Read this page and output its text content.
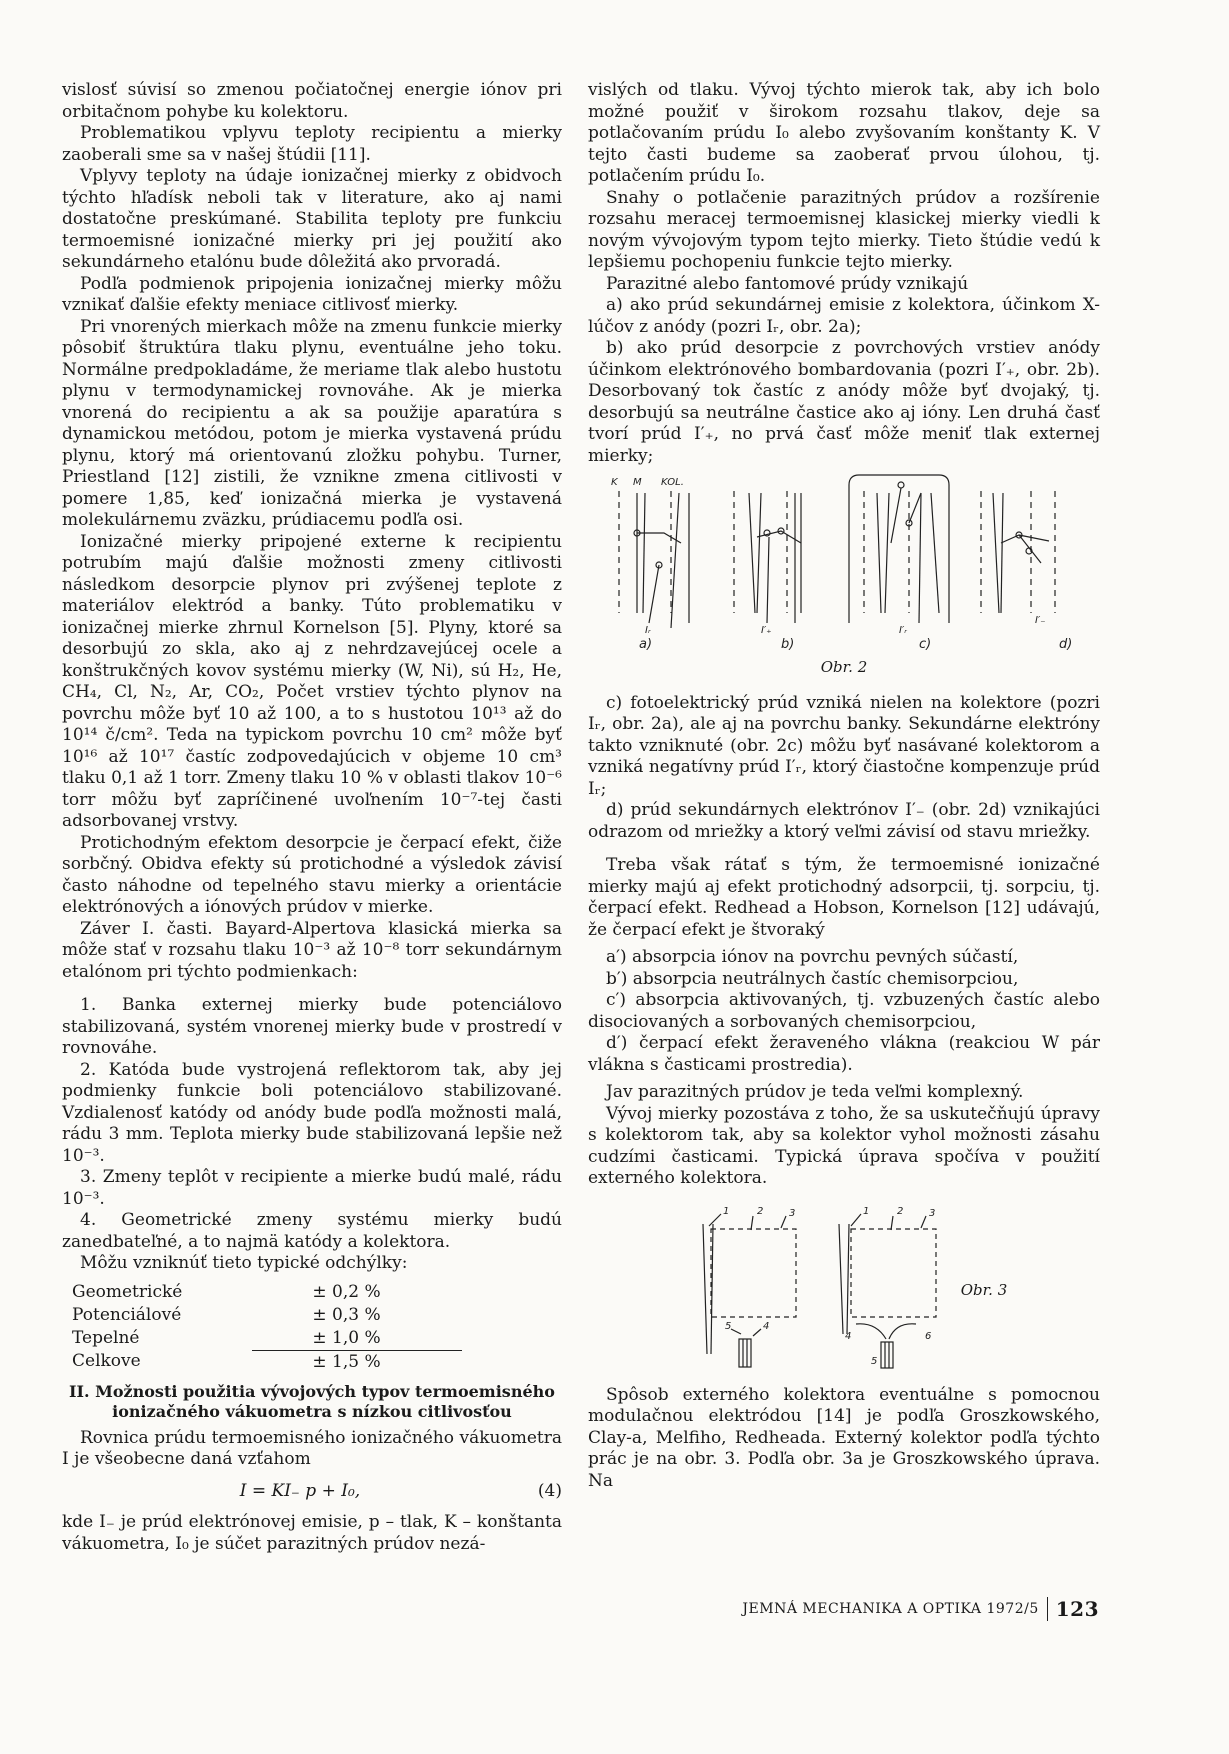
vislosť súvisí so zmenou počiatočnej energie iónov pri orbitačnom pohybe ku kolektoru.

Problematikou vplyvu teploty recipientu a mierky zaoberali sme sa v našej štúdii [11].

Vplyvy teploty na údaje ionizačnej mierky z obidvoch týchto hľadísk neboli tak v literature, ako aj nami dostatočne preskúmané. Stabilita teploty pre funkciu termoemisné ionizačné mierky pri jej použití ako sekundárneho etalónu bude dôležitá ako prvoradá.

Podľa podmienok pripojenia ionizačnej mierky môžu vznikať ďalšie efekty meniace citlivosť mierky.

Pri vnorených mierkach môže na zmenu funkcie mierky pôsobiť štruktúra tlaku plynu, eventuálne jeho toku. Normálne predpokladáme, že meriame tlak alebo hustotu plynu v termodynamickej rovnováhe. Ak je mierka vnorená do recipientu a ak sa použije aparatúra s dynamickou metódou, potom je mierka vystavená prúdu plynu, ktorý má orientovanú zložku pohybu. Turner, Priestland [12] zistili, že vznikne zmena citlivosti v pomere 1,85, keď ionizačná mierka je vystavená molekulárnemu zväzku, prúdiacemu podľa osi.

Ionizačné mierky pripojené externe k recipientu potrubím majú ďalšie možnosti zmeny citlivosti následkom desorpcie plynov pri zvýšenej teplote z materiálov elektród a banky. Túto problematiku v ionizačnej mierke zhrnul Kornelson [5]. Plyny, ktoré sa desorbujú zo skla, ako aj z nehrdzavejúcej ocele a konštrukčných kovov systému mierky (W, Ni), sú H₂, He, CH₄, Cl, N₂, Ar, CO₂, Počet vrstiev týchto plynov na povrchu môže byť 10 až 100, a to s hustotou 10¹³ až do 10¹⁴ č/cm². Teda na typickom povrchu 10 cm² môže byť 10¹⁶ až 10¹⁷ častíc zodpovedajúcich v objeme 10 cm³ tlaku 0,1 až 1 torr. Zmeny tlaku 10 % v oblasti tlakov 10⁻⁶ torr môžu byť zapríčinené uvoľnením 10⁻⁷-tej časti adsorbovanej vrstvy.

Protichodným efektom desorpcie je čerpací efekt, čiže sorbčný. Obidva efekty sú protichodné a výsledok závisí často náhodne od tepelného stavu mierky a orientácie elektrónových a iónových prúdov v mierke.

Záver I. časti. Bayard-Alpertova klasická mierka sa môže stať v rozsahu tlaku 10⁻³ až 10⁻⁸ torr sekundárnym etalónom pri týchto podmienkach:

1. Banka externej mierky bude potenciálovo stabilizovaná, systém vnorenej mierky bude v prostredí v rovnováhe.

2. Katóda bude vystrojená reflektorom tak, aby jej podmienky funkcie boli potenciálovo stabilizované. Vzdialenosť katódy od anódy bude podľa možnosti malá, rádu 3 mm. Teplota mierky bude stabilizovaná lepšie než 10⁻³.

3. Zmeny teplôt v recipiente a mierke budú malé, rádu 10⁻³.

4. Geometrické zmeny systému mierky budú zanedbateľné, a to najmä katódy a kolektora.

Môžu vzniknúť tieto typické odchýlky:

Geometrické	± 0,2 %
Potenciálové	± 0,3 %
Tepelné	± 1,0 %
Celkove	± 1,5 %

II. Možnosti použitia vývojových typov termoemisného ionizačného vákuometra s nízkou citlivosťou

Rovnica prúdu termoemisného ionizačného vákuometra I je všeobecne daná vzťahom

I = KI₋ p + I₀,	(4)

kde I₋ je prúd elektrónovej emisie, p – tlak, K – konštanta vákuometra, I₀ je súčet parazitných prúdov nezá-

vislých od tlaku. Vývoj týchto mierok tak, aby ich bolo možné použiť v širokom rozsahu tlakov, deje sa potlačovaním prúdu I₀ alebo zvyšovaním konštanty K. V tejto časti budeme sa zaoberať prvou úlohou, tj. potlačením prúdu I₀.

Snahy o potlačenie parazitných prúdov a rozšírenie rozsahu meracej termoemisnej klasickej mierky viedli k novým vývojovým typom tejto mierky. Tieto štúdie vedú k lepšiemu pochopeniu funkcie tejto mierky.

Parazitné alebo fantomové prúdy vznikajú

a) ako prúd sekundárnej emisie z kolektora, účinkom X-lúčov z anódy (pozri Iᵣ, obr. 2a);

b) ako prúd desorpcie z povrchových vrstiev anódy účinkom elektrónového bombardovania (pozri I′₊, obr. 2b). Desorbovaný tok častíc z anódy môže byť dvojaký, tj. desorbujú sa neutrálne častice ako aj ióny. Len druhá časť tvorí prúd I′₊, no prvá časť môže meniť tlak externej mierky;

K M KOL.
Iᵣ	I′₊	I′ᵣ
I′₋
a)	b)	c)	d)
Obr. 2

c) fotoelektrický prúd vzniká nielen na kolektore (pozri Iᵣ, obr. 2a), ale aj na povrchu banky. Sekundárne elektróny takto vzniknuté (obr. 2c) môžu byť nasávané kolektorom a vzniká negatívny prúd I′ᵣ, ktorý čiastočne kompenzuje prúd Iᵣ;

d) prúd sekundárnych elektrónov I′₋ (obr. 2d) vznikajúci odrazom od mriežky a ktorý veľmi závisí od stavu mriežky.

Treba však rátať s tým, že termoemisné ionizačné mierky majú aj efekt protichodný adsorpcii, tj. sorpciu, tj. čerpací efekt. Redhead a Hobson, Kornelson [12] udávajú, že čerpací efekt je štvoraký

a′) absorpcia iónov na povrchu pevných súčastí,

b′) absorpcia neutrálnych častíc chemisorpciou,

c′) absorpcia aktivovaných, tj. vzbuzených častíc alebo disociovaných a sorbovaných chemisorpciou,

d′) čerpací efekt žeraveného vlákna (reakciou W pár vlákna s časticami prostredia).

Jav parazitných prúdov je teda veľmi komplexný.

Vývoj mierky pozostáva z toho, že sa uskutečňujú úpravy s kolektorom tak, aby sa kolektor vyhol možnosti zásahu cudzími časticami. Typická úprava spočíva v použití externého kolektora.

1	2	3
5	4
1	2	3
4
5
6
Obr. 3

Spôsob externého kolektora eventuálne s pomocnou modulačnou elektródou [14] je podľa Groszkowského, Clay-a, Melfiho, Redheada. Externý kolektor podľa týchto prác je na obr. 3. Podľa obr. 3a je Groszkowského úprava. Na

JEMNÁ MECHANIKA A OPTIKA 1972/5 123
